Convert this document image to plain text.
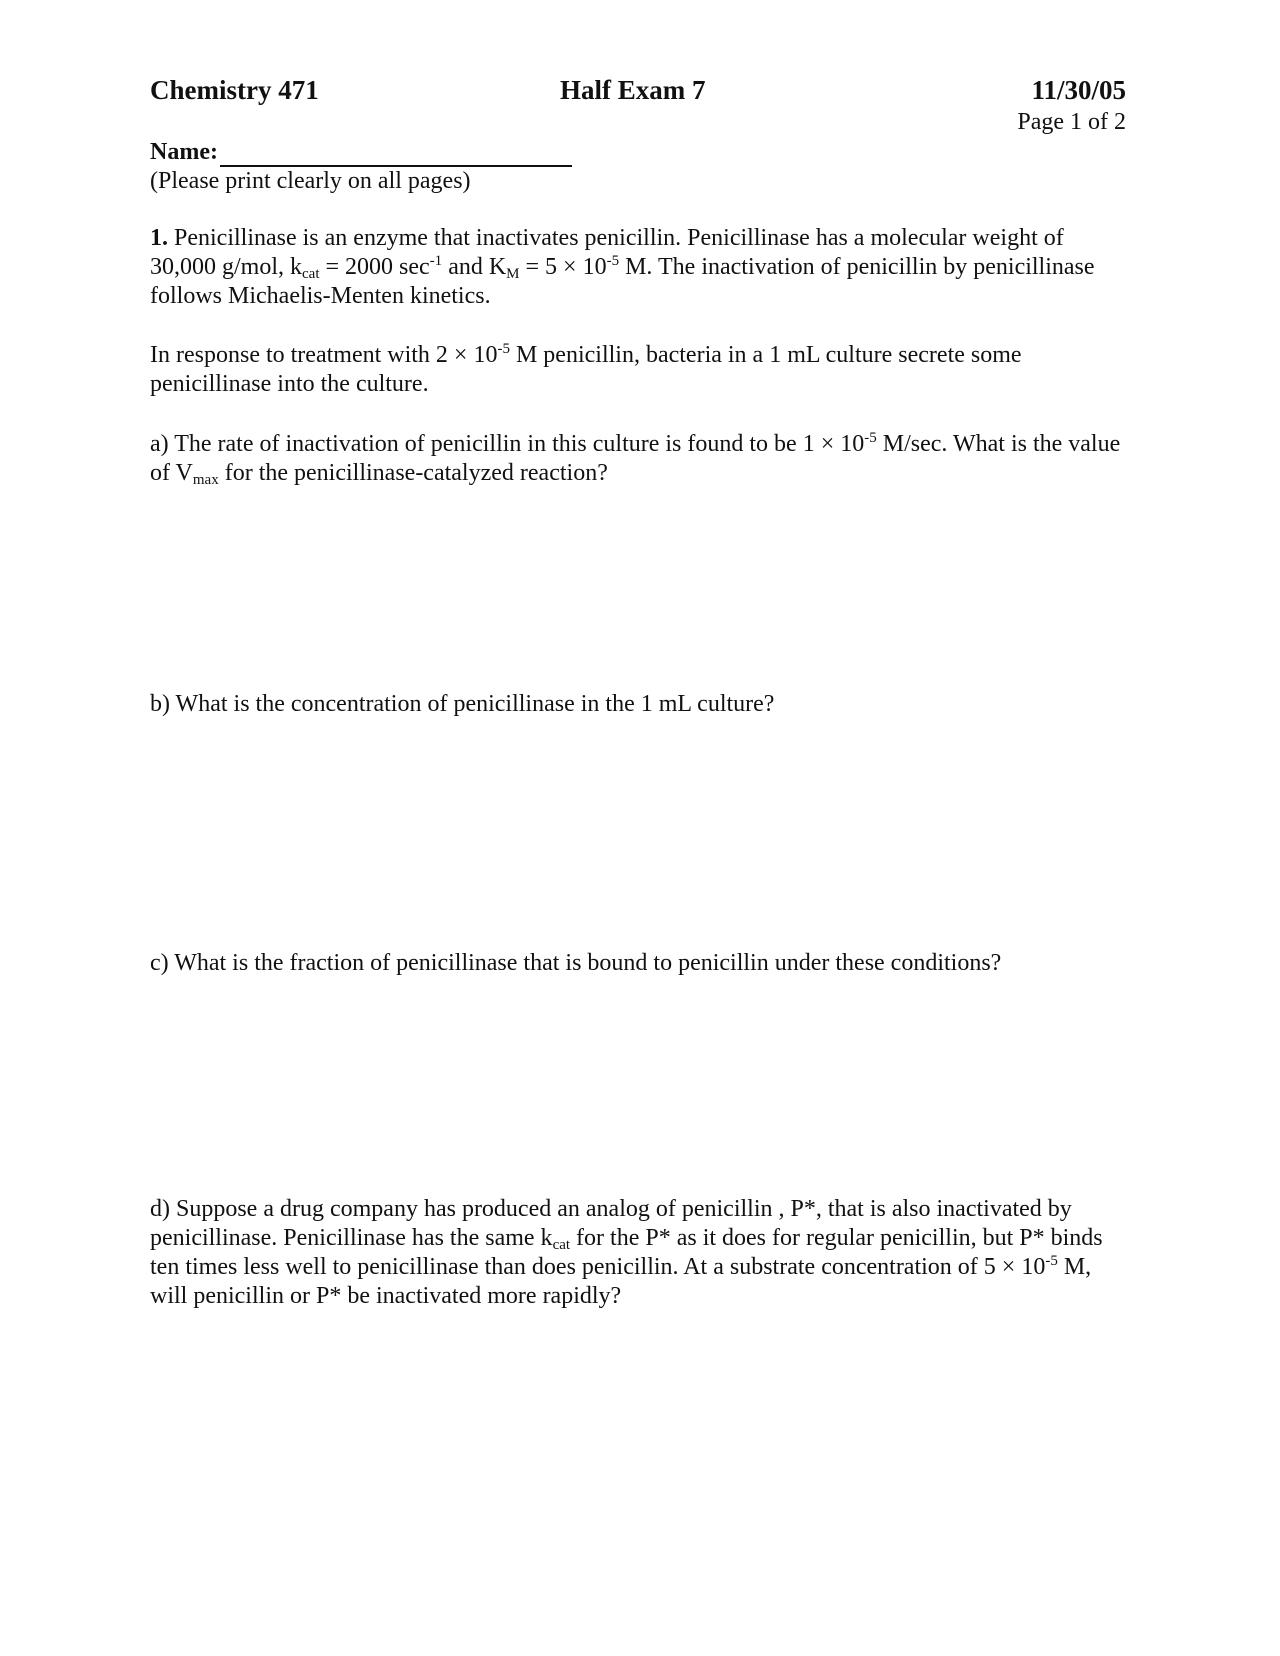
Chemistry 471	Half Exam 7	11/30/05
Page 1 of 2
Name:
(Please print clearly on all pages)
1. Penicillinase is an enzyme that inactivates penicillin. Penicillinase has a molecular weight of 30,000 g/mol, $k_{cat} = 2000$ $\sec^{-1}$ and $K_M = 5 \times 10^{-5}$ M. The inactivation of penicillin by penicillinase follows Michaelis-Menten kinetics.
In response to treatment with $2 \times 10^{-5}$ M penicillin, bacteria in a 1 mL culture secrete some penicillinase into the culture.
a) The rate of inactivation of penicillin in this culture is found to be $1 \times 10^{-5}$ M/sec. What is the value of $V_{max}$ for the penicillinase-catalyzed reaction?
b) What is the concentration of penicillinase in the 1 mL culture?
c) What is the fraction of penicillinase that is bound to penicillin under these conditions?
d) Suppose a drug company has produced an analog of penicillin , P*, that is also inactivated by penicillinase. Penicillinase has the same $k_{cat}$ for the P* as it does for regular penicillin, but P* binds ten times less well to penicillinase than does penicillin. At a substrate concentration of $5 \times 10^{-5}$ M, will penicillin or P* be inactivated more rapidly?
